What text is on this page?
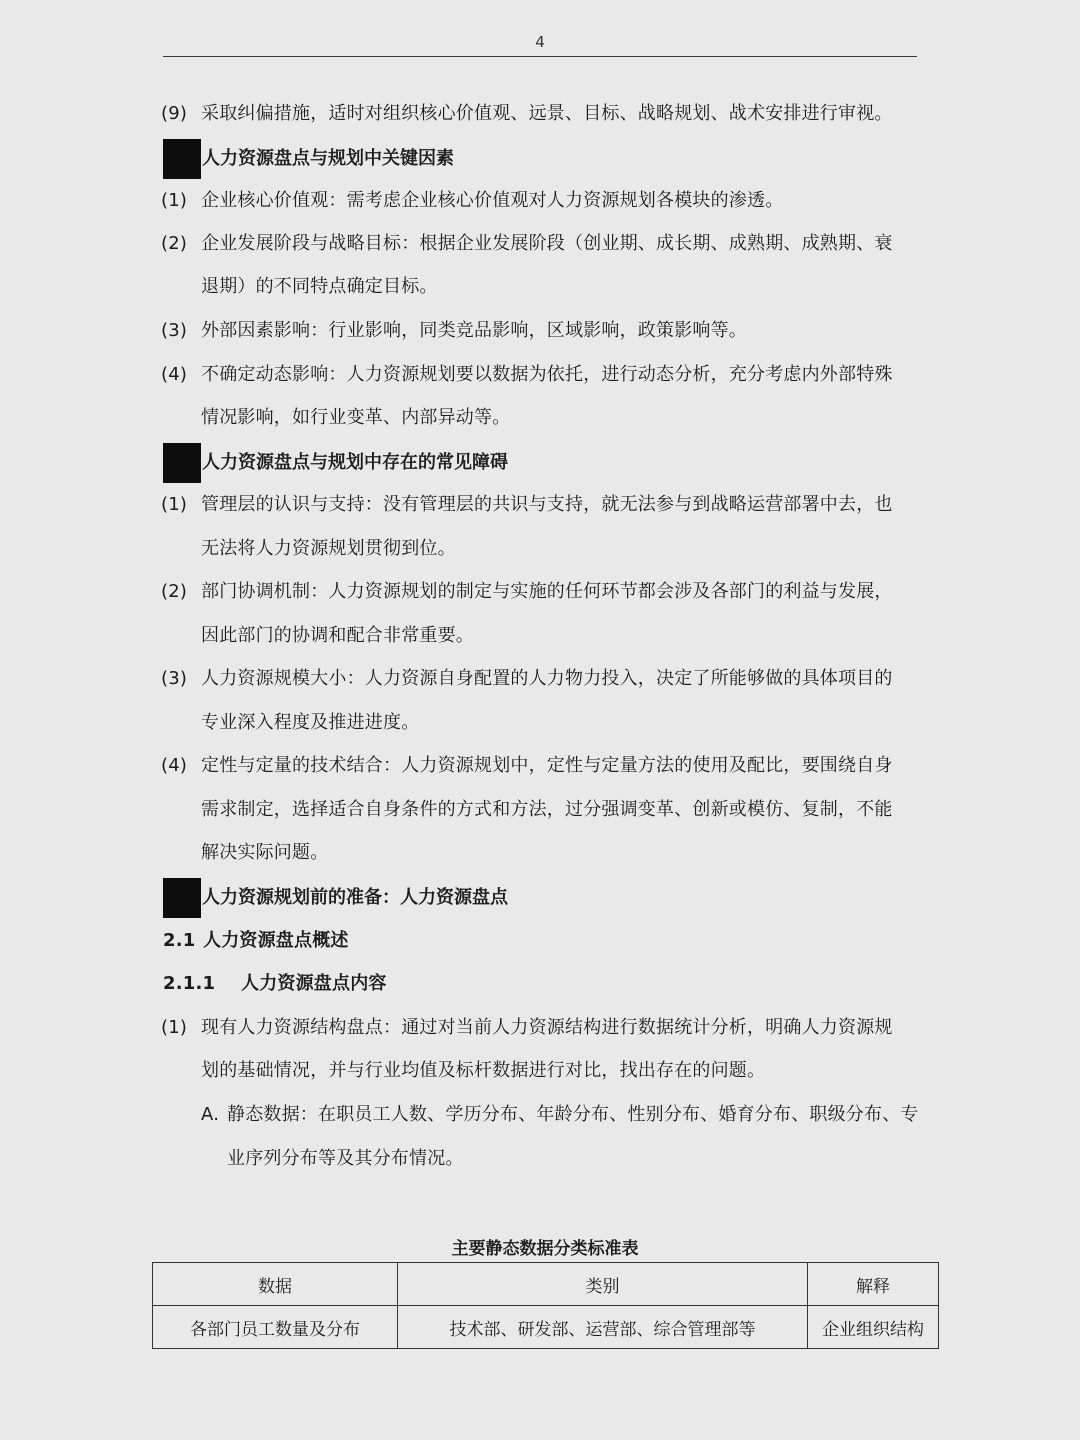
4
(9) 采取纠偏措施，适时对组织核心价值观、远景、目标、战略规划、战术安排进行审视。
人力资源盘点与规划中关键因素
(1) 企业核心价值观：需考虑企业核心价值观对人力资源规划各模块的渗透。
(2) 企业发展阶段与战略目标：根据企业发展阶段（创业期、成长期、成熟期、成熟期、衰
退期）的不同特点确定目标。
(3) 外部因素影响：行业影响，同类竞品影响，区域影响，政策影响等。
(4) 不确定动态影响：人力资源规划要以数据为依托，进行动态分析，充分考虑内外部特殊
情况影响，如行业变革、内部异动等。
人力资源盘点与规划中存在的常见障碍
(1) 管理层的认识与支持：没有管理层的共识与支持，就无法参与到战略运营部署中去，也
无法将人力资源规划贯彻到位。
(2) 部门协调机制：人力资源规划的制定与实施的任何环节都会涉及各部门的利益与发展，
因此部门的协调和配合非常重要。
(3) 人力资源规模大小：人力资源自身配置的人力物力投入，决定了所能够做的具体项目的
专业深入程度及推进进度。
(4) 定性与定量的技术结合：人力资源规划中，定性与定量方法的使用及配比，要围绕自身
需求制定，选择适合自身条件的方式和方法，过分强调变革、创新或模仿、复制，不能
解决实际问题。
人力资源规划前的准备：人力资源盘点
2.1 人力资源盘点概述
2.1.1 人力资源盘点内容
(1) 现有人力资源结构盘点：通过对当前人力资源结构进行数据统计分析，明确人力资源规
划的基础情况，并与行业均值及标杆数据进行对比，找出存在的问题。
A. 静态数据：在职员工人数、学历分布、年龄分布、性别分布、婚育分布、职级分布、专
业序列分布等及其分布情况。
主要静态数据分类标准表
数据	类别	解释
各部门员工数量及分布	技术部、研发部、运营部、综合管理部等	企业组织结构
